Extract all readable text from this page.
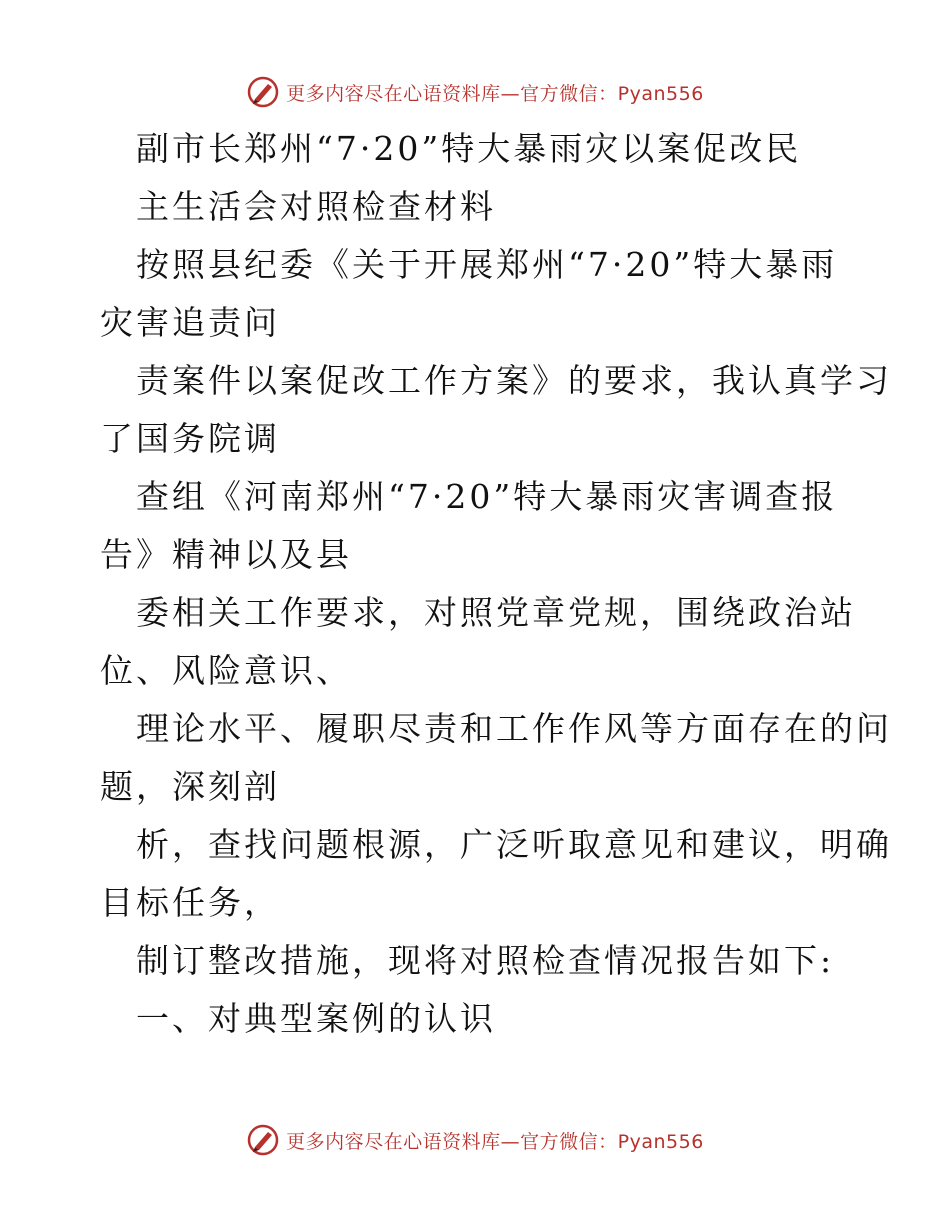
更多内容尽在心语资料库—官方微信：Pyan556
副市长郑州“7·20”特大暴雨灾以案促改民
主生活会对照检查材料
按照县纪委《关于开展郑州“7·20”特大暴雨
灾害追责问
责案件以案促改工作方案》的要求，我认真学习
了国务院调
查组《河南郑州“7·20”特大暴雨灾害调查报
告》精神以及县
委相关工作要求，对照党章党规，围绕政治站
位、风险意识、
理论水平、履职尽责和工作作风等方面存在的问
题，深刻剖
析，查找问题根源，广泛听取意见和建议，明确
目标任务，
制订整改措施，现将对照检查情况报告如下:
一、对典型案例的认识
更多内容尽在心语资料库—官方微信：Pyan556
